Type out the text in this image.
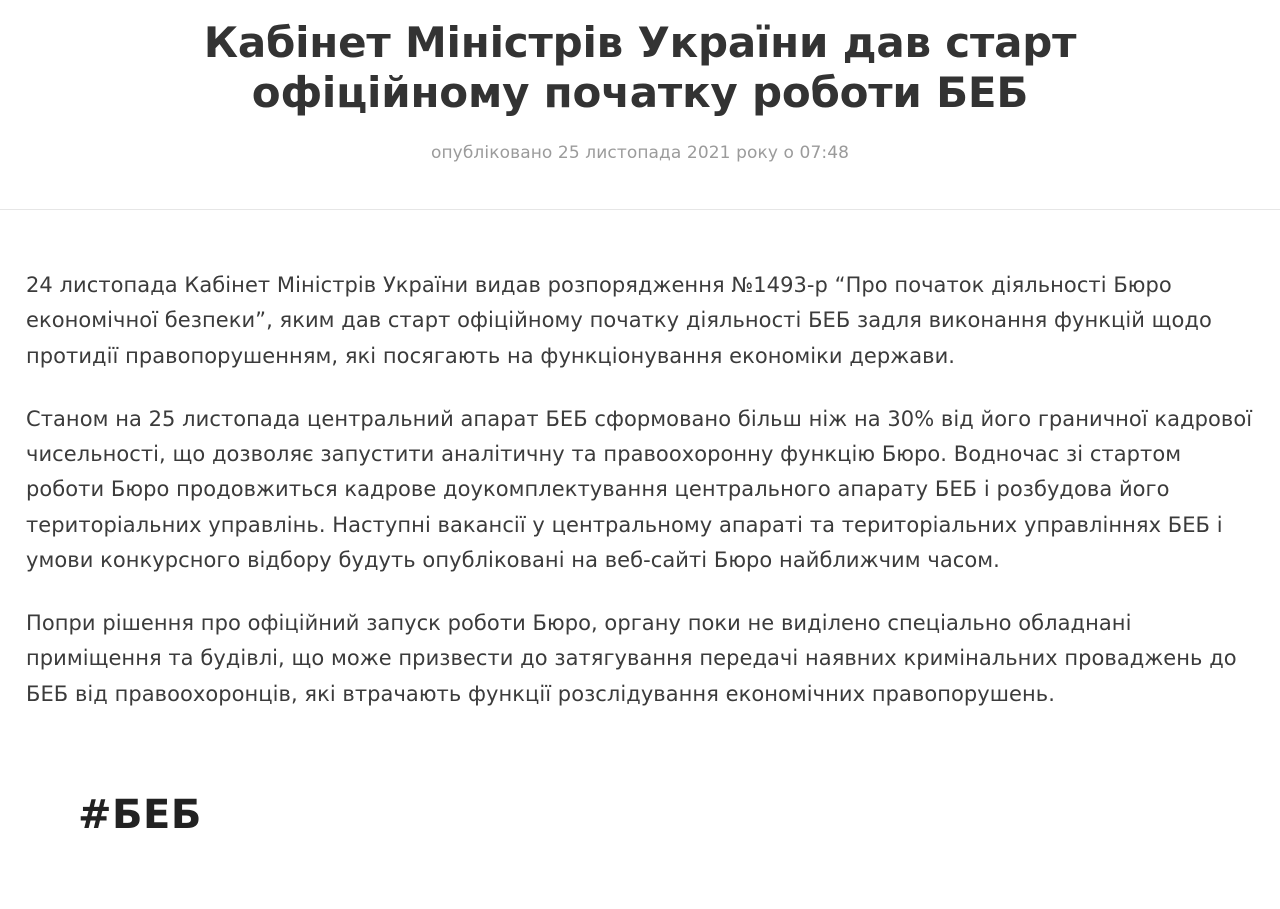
Кабінет Міністрів України дав старт офіційному початку роботи БЕБ
опубліковано 25 листопада 2021 року о 07:48

24 листопада Кабінет Міністрів України видав розпорядження №1493-р “Про початок діяльності Бюро економічної безпеки”, яким дав старт офіційному початку діяльності БЕБ задля виконання функцій щодо протидії правопорушенням, які посягають на функціонування економіки держави.

Станом на 25 листопада центральний апарат БЕБ сформовано більш ніж на 30% від його граничної кадрової чисельності, що дозволяє запустити аналітичну та правоохоронну функцію Бюро. Водночас зі стартом роботи Бюро продовжиться кадрове доукомплектування центрального апарату БЕБ і розбудова його територіальних управлінь. Наступні вакансії у центральному апараті та територіальних управліннях БЕБ і умови конкурсного відбору будуть опубліковані на веб-сайті Бюро найближчим часом.

Попри рішення про офіційний запуск роботи Бюро, органу поки не виділено спеціально обладнані приміщення та будівлі, що може призвести до затягування передачі наявних кримінальних проваджень до БЕБ від правоохоронців, які втрачають функції розслідування економічних правопорушень.

#БЕБ
